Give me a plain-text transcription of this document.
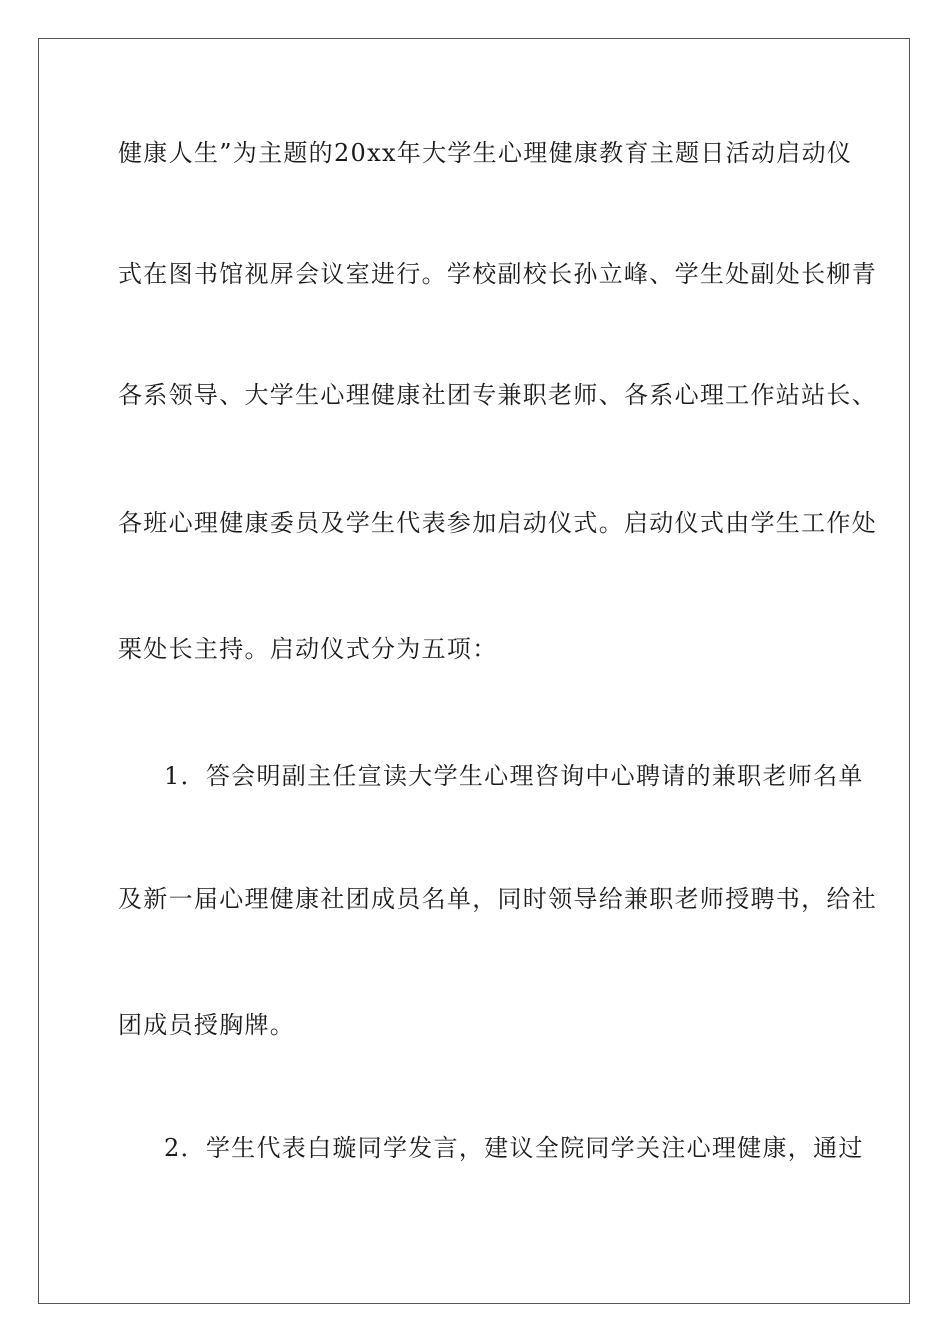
健康人生”为主题的20xx年大学生心理健康教育主题日活动启动仪
式在图书馆视屏会议室进行。学校副校长孙立峰、学生处副处长柳青
各系领导、大学生心理健康社团专兼职老师、各系心理工作站站长、
各班心理健康委员及学生代表参加启动仪式。启动仪式由学生工作处
栗处长主持。启动仪式分为五项：
1．答会明副主任宣读大学生心理咨询中心聘请的兼职老师名单
及新一届心理健康社团成员名单，同时领导给兼职老师授聘书，给社
团成员授胸牌。
2．学生代表白璇同学发言，建议全院同学关注心理健康，通过
